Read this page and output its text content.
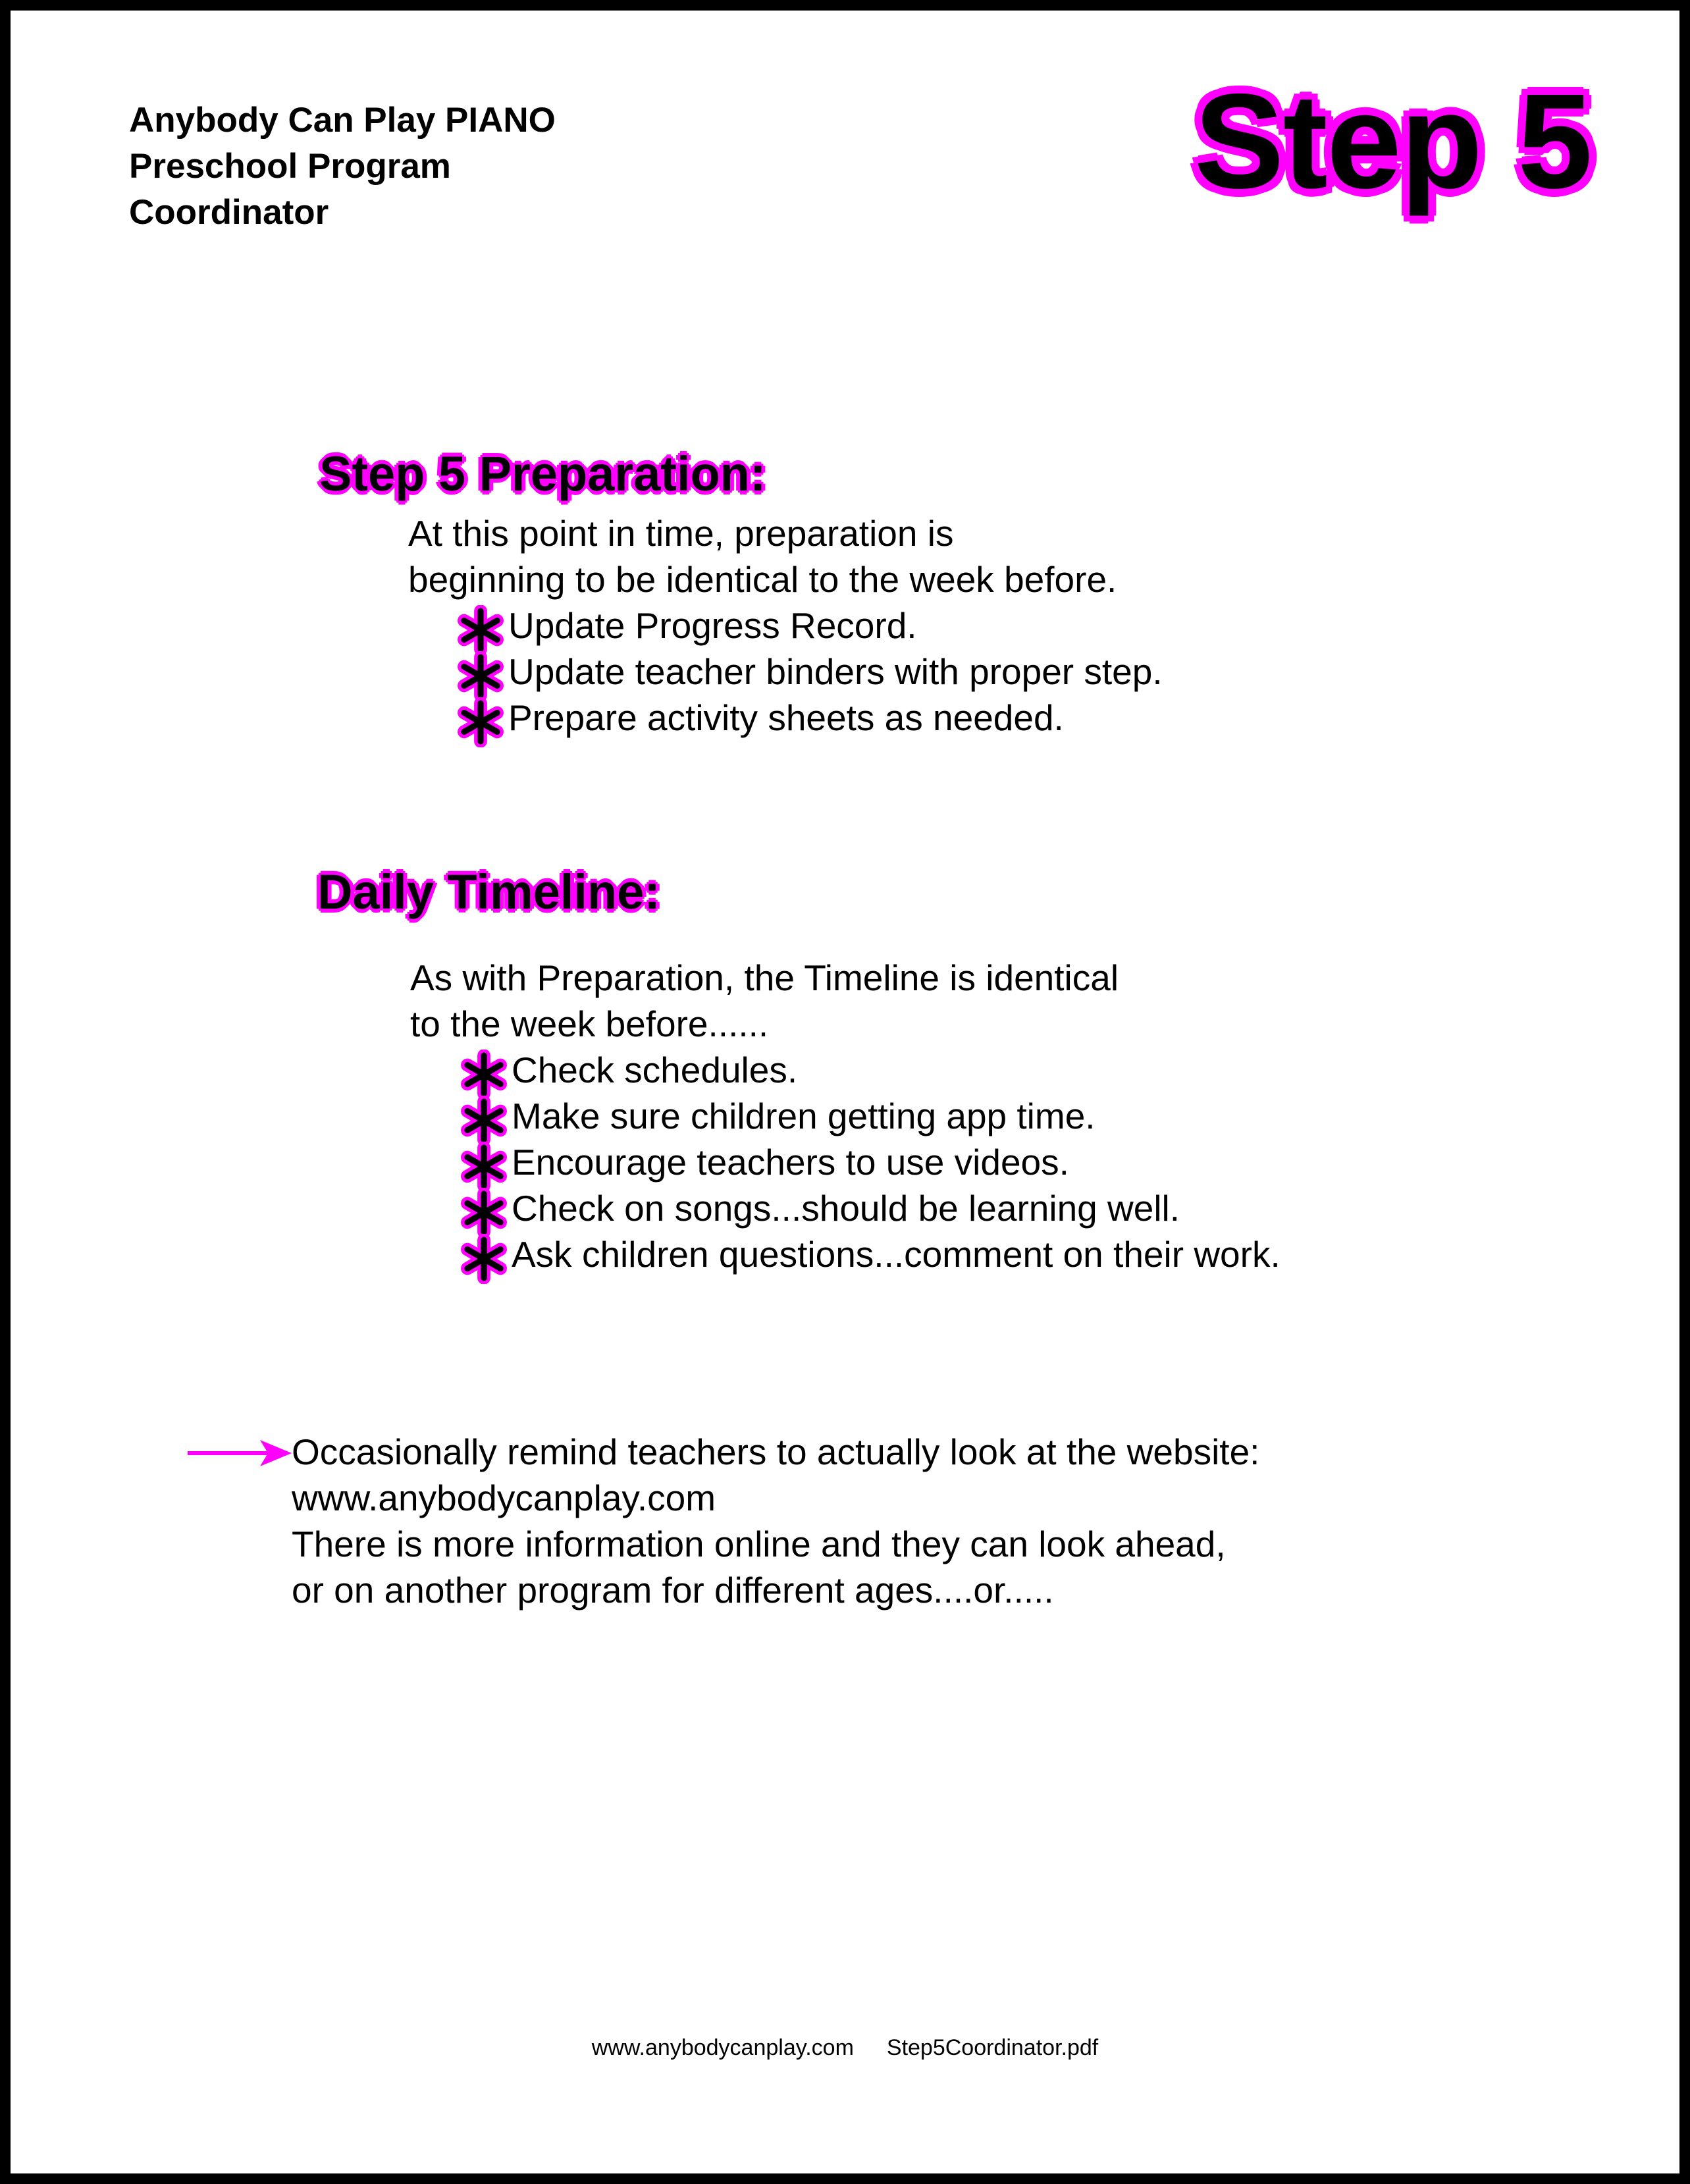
Anybody Can Play PIANO
Preschool Program
Coordinator	Step 5
Step 5 Preparation:
At this point in time, preparation is
beginning to be identical to the week before.
Update Progress Record.
Update teacher binders with proper step.
Prepare activity sheets as needed.
Daily Timeline:
As with Preparation, the Timeline is identical
to the week before......
Check schedules.
Make sure children getting app time.
Encourage teachers to use videos.
Check on songs...should be learning well.
Ask children questions...comment on their work.
Occasionally remind teachers to actually look at the website:
www.anybodycanplay.com
There is more information online and they can look ahead,
or on another program for different ages....or.....
www.anybodycanplay.com Step5Coordinator.pdf
